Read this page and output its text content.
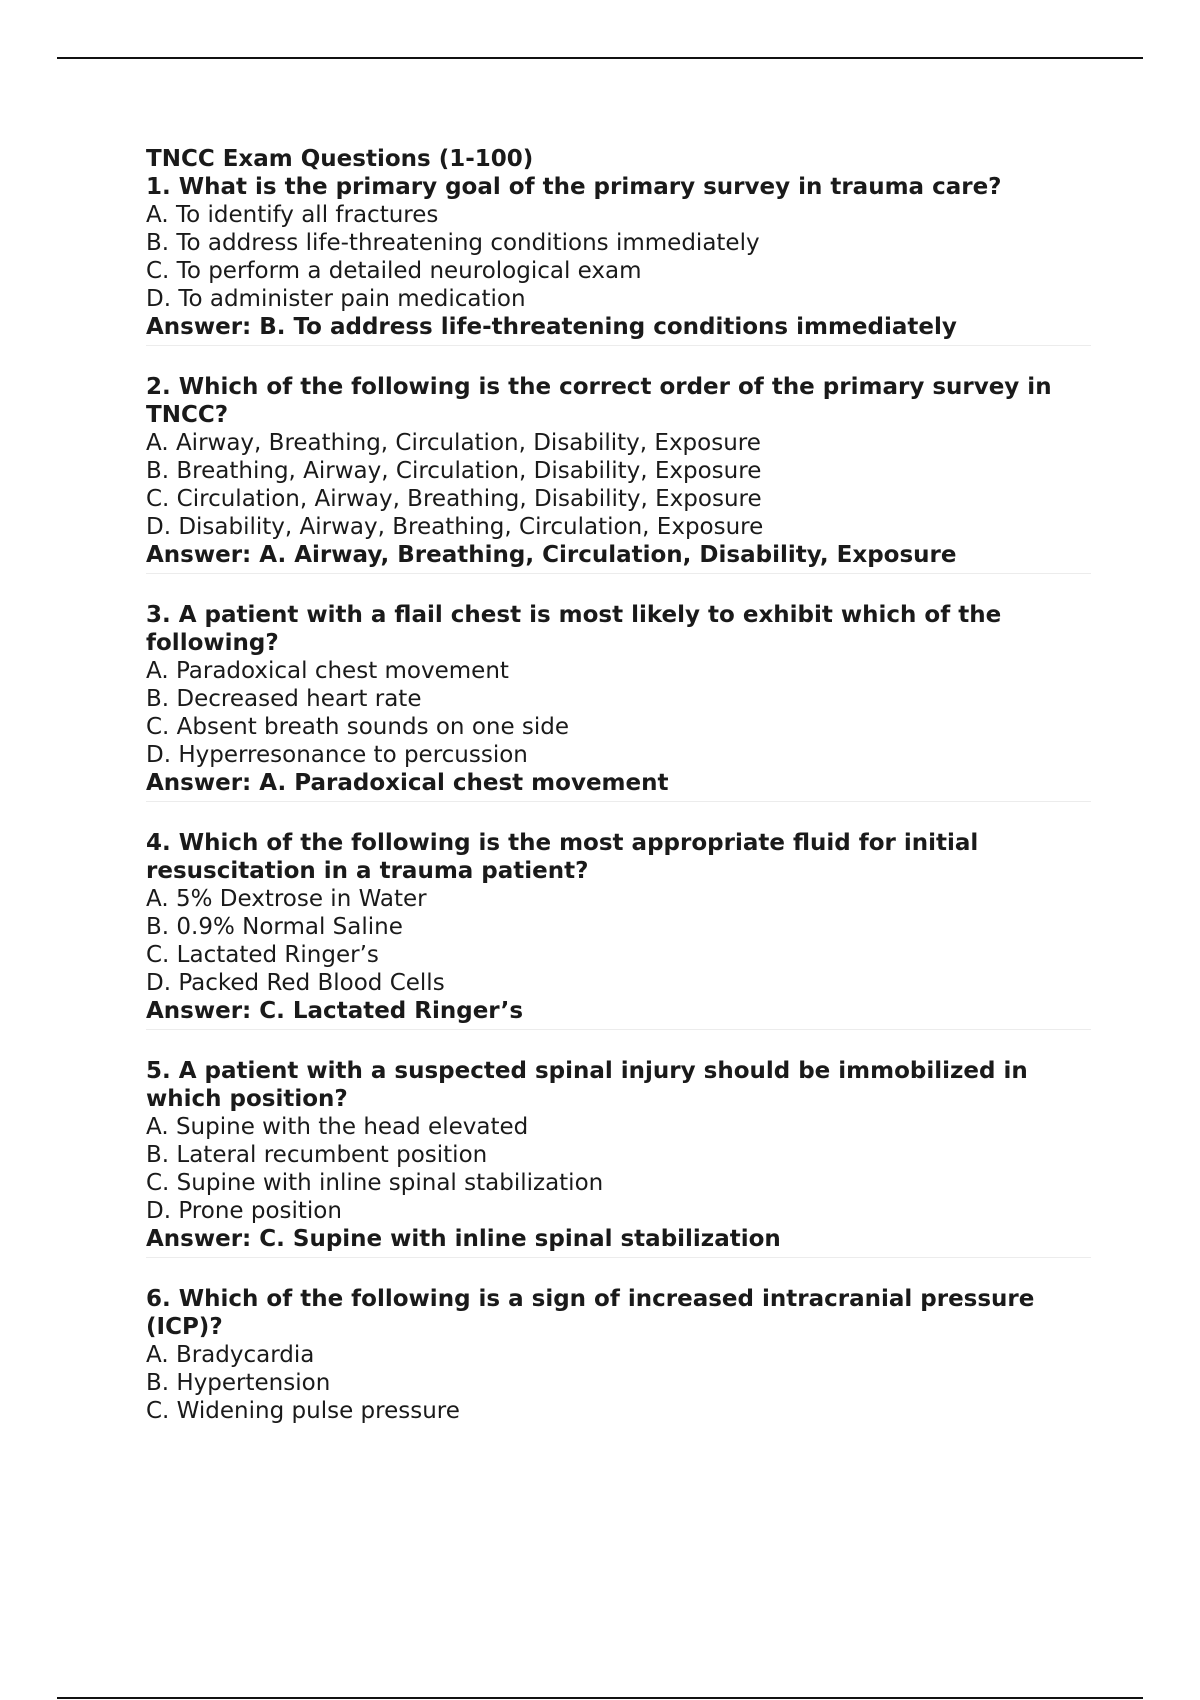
TNCC Exam Questions (1-100)

1. What is the primary goal of the primary survey in trauma care?

A. To identify all fractures

B. To address life-threatening conditions immediately

C. To perform a detailed neurological exam

D. To administer pain medication

Answer: B. To address life-threatening conditions immediately

2. Which of the following is the correct order of the primary survey in TNCC?

A. Airway, Breathing, Circulation, Disability, Exposure

B. Breathing, Airway, Circulation, Disability, Exposure

C. Circulation, Airway, Breathing, Disability, Exposure

D. Disability, Airway, Breathing, Circulation, Exposure

Answer: A. Airway, Breathing, Circulation, Disability, Exposure

3. A patient with a flail chest is most likely to exhibit which of the following?

A. Paradoxical chest movement

B. Decreased heart rate

C. Absent breath sounds on one side

D. Hyperresonance to percussion

Answer: A. Paradoxical chest movement

4. Which of the following is the most appropriate fluid for initial resuscitation in a trauma patient?

A. 5% Dextrose in Water

B. 0.9% Normal Saline

C. Lactated Ringer’s

D. Packed Red Blood Cells

Answer: C. Lactated Ringer’s

5. A patient with a suspected spinal injury should be immobilized in which position?

A. Supine with the head elevated

B. Lateral recumbent position

C. Supine with inline spinal stabilization

D. Prone position

Answer: C. Supine with inline spinal stabilization

6. Which of the following is a sign of increased intracranial pressure (ICP)?

A. Bradycardia

B. Hypertension

C. Widening pulse pressure
